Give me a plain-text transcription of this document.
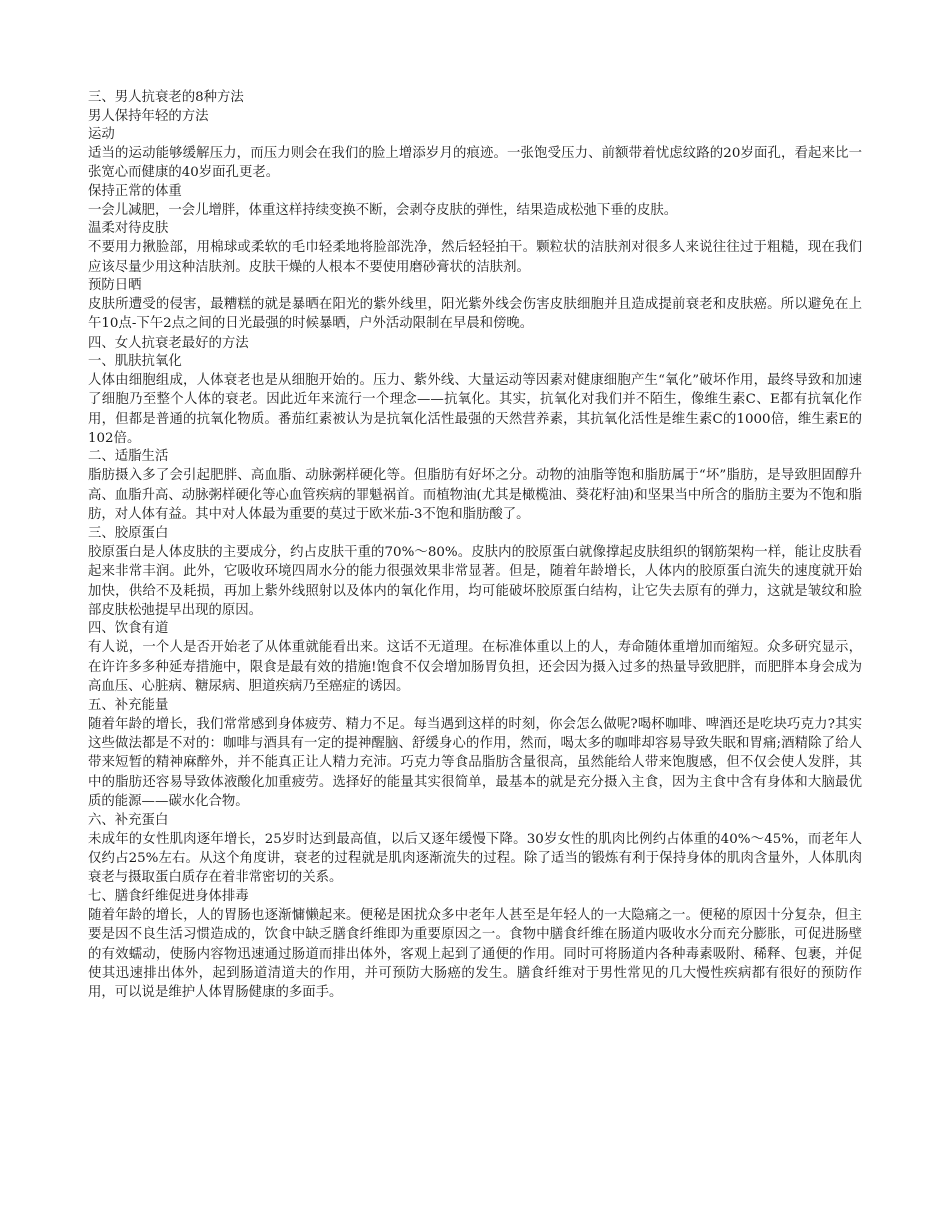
三、男人抗衰老的8种方法

男人保持年轻的方法

运动

适当的运动能够缓解压力，而压力则会在我们的脸上增添岁月的痕迹。一张饱受压力、前额带着忧虑纹路的20岁面孔，看起来比一张宽心而健康的40岁面孔更老。

保持正常的体重

一会儿减肥，一会儿增胖，体重这样持续变换不断，会剥夺皮肤的弹性，结果造成松弛下垂的皮肤。

温柔对待皮肤

不要用力揪脸部，用棉球或柔软的毛巾轻柔地将脸部洗净，然后轻轻拍干。颗粒状的洁肤剂对很多人来说往往过于粗糙，现在我们应该尽量少用这种洁肤剂。皮肤干燥的人根本不要使用磨砂膏状的洁肤剂。

预防日晒

皮肤所遭受的侵害，最糟糕的就是暴晒在阳光的紫外线里，阳光紫外线会伤害皮肤细胞并且造成提前衰老和皮肤癌。所以避免在上午10点-下午2点之间的日光最强的时候暴晒，户外活动限制在早晨和傍晚。

四、女人抗衰老最好的方法

一、肌肤抗氧化

人体由细胞组成，人体衰老也是从细胞开始的。压力、紫外线、大量运动等因素对健康细胞产生“氧化”破坏作用，最终导致和加速了细胞乃至整个人体的衰老。因此近年来流行一个理念——抗氧化。其实，抗氧化对我们并不陌生，像维生素C、E都有抗氧化作用，但都是普通的抗氧化物质。番茄红素被认为是抗氧化活性最强的天然营养素，其抗氧化活性是维生素C的1000倍，维生素E的102倍。

二、适脂生活

脂肪摄入多了会引起肥胖、高血脂、动脉粥样硬化等。但脂肪有好坏之分。动物的油脂等饱和脂肪属于“坏”脂肪，是导致胆固醇升高、血脂升高、动脉粥样硬化等心血管疾病的罪魁祸首。而植物油(尤其是橄榄油、葵花籽油)和坚果当中所含的脂肪主要为不饱和脂肪，对人体有益。其中对人体最为重要的莫过于欧米茄-3不饱和脂肪酸了。

三、胶原蛋白

胶原蛋白是人体皮肤的主要成分，约占皮肤干重的70%～80%。皮肤内的胶原蛋白就像撑起皮肤组织的钢筋架构一样，能让皮肤看起来非常丰润。此外，它吸收环境四周水分的能力很强效果非常显著。但是，随着年龄增长，人体内的胶原蛋白流失的速度就开始加快，供给不及耗损，再加上紫外线照射以及体内的氧化作用，均可能破坏胶原蛋白结构，让它失去原有的弹力，这就是皱纹和脸部皮肤松弛提早出现的原因。

四、饮食有道

有人说，一个人是否开始老了从体重就能看出来。这话不无道理。在标准体重以上的人，寿命随体重增加而缩短。众多研究显示，在许许多多种延寿措施中，限食是最有效的措施!饱食不仅会增加肠胃负担，还会因为摄入过多的热量导致肥胖，而肥胖本身会成为高血压、心脏病、糖尿病、胆道疾病乃至癌症的诱因。

五、补充能量

随着年龄的增长，我们常常感到身体疲劳、精力不足。每当遇到这样的时刻，你会怎么做呢?喝杯咖啡、啤酒还是吃块巧克力?其实这些做法都是不对的：咖啡与酒具有一定的提神醒脑、舒缓身心的作用，然而，喝太多的咖啡却容易导致失眠和胃痛;酒精除了给人带来短暂的精神麻醉外，并不能真正让人精力充沛。巧克力等食品脂肪含量很高，虽然能给人带来饱腹感，但不仅会使人发胖，其中的脂肪还容易导致体液酸化加重疲劳。选择好的能量其实很简单，最基本的就是充分摄入主食，因为主食中含有身体和大脑最优质的能源——碳水化合物。

六、补充蛋白

未成年的女性肌肉逐年增长，25岁时达到最高值，以后又逐年缓慢下降。30岁女性的肌肉比例约占体重的40%～45%，而老年人仅约占25%左右。从这个角度讲，衰老的过程就是肌肉逐渐流失的过程。除了适当的锻炼有利于保持身体的肌肉含量外，人体肌肉衰老与摄取蛋白质存在着非常密切的关系。

七、膳食纤维促进身体排毒

随着年龄的增长，人的胃肠也逐渐慵懒起来。便秘是困扰众多中老年人甚至是年轻人的一大隐痛之一。便秘的原因十分复杂，但主要是因不良生活习惯造成的，饮食中缺乏膳食纤维即为重要原因之一。食物中膳食纤维在肠道内吸收水分而充分膨胀，可促进肠壁的有效蠕动，使肠内容物迅速通过肠道而排出体外，客观上起到了通便的作用。同时可将肠道内各种毒素吸附、稀释、包裹，并促使其迅速排出体外，起到肠道清道夫的作用，并可预防大肠癌的发生。膳食纤维对于男性常见的几大慢性疾病都有很好的预防作用，可以说是维护人体胃肠健康的多面手。
